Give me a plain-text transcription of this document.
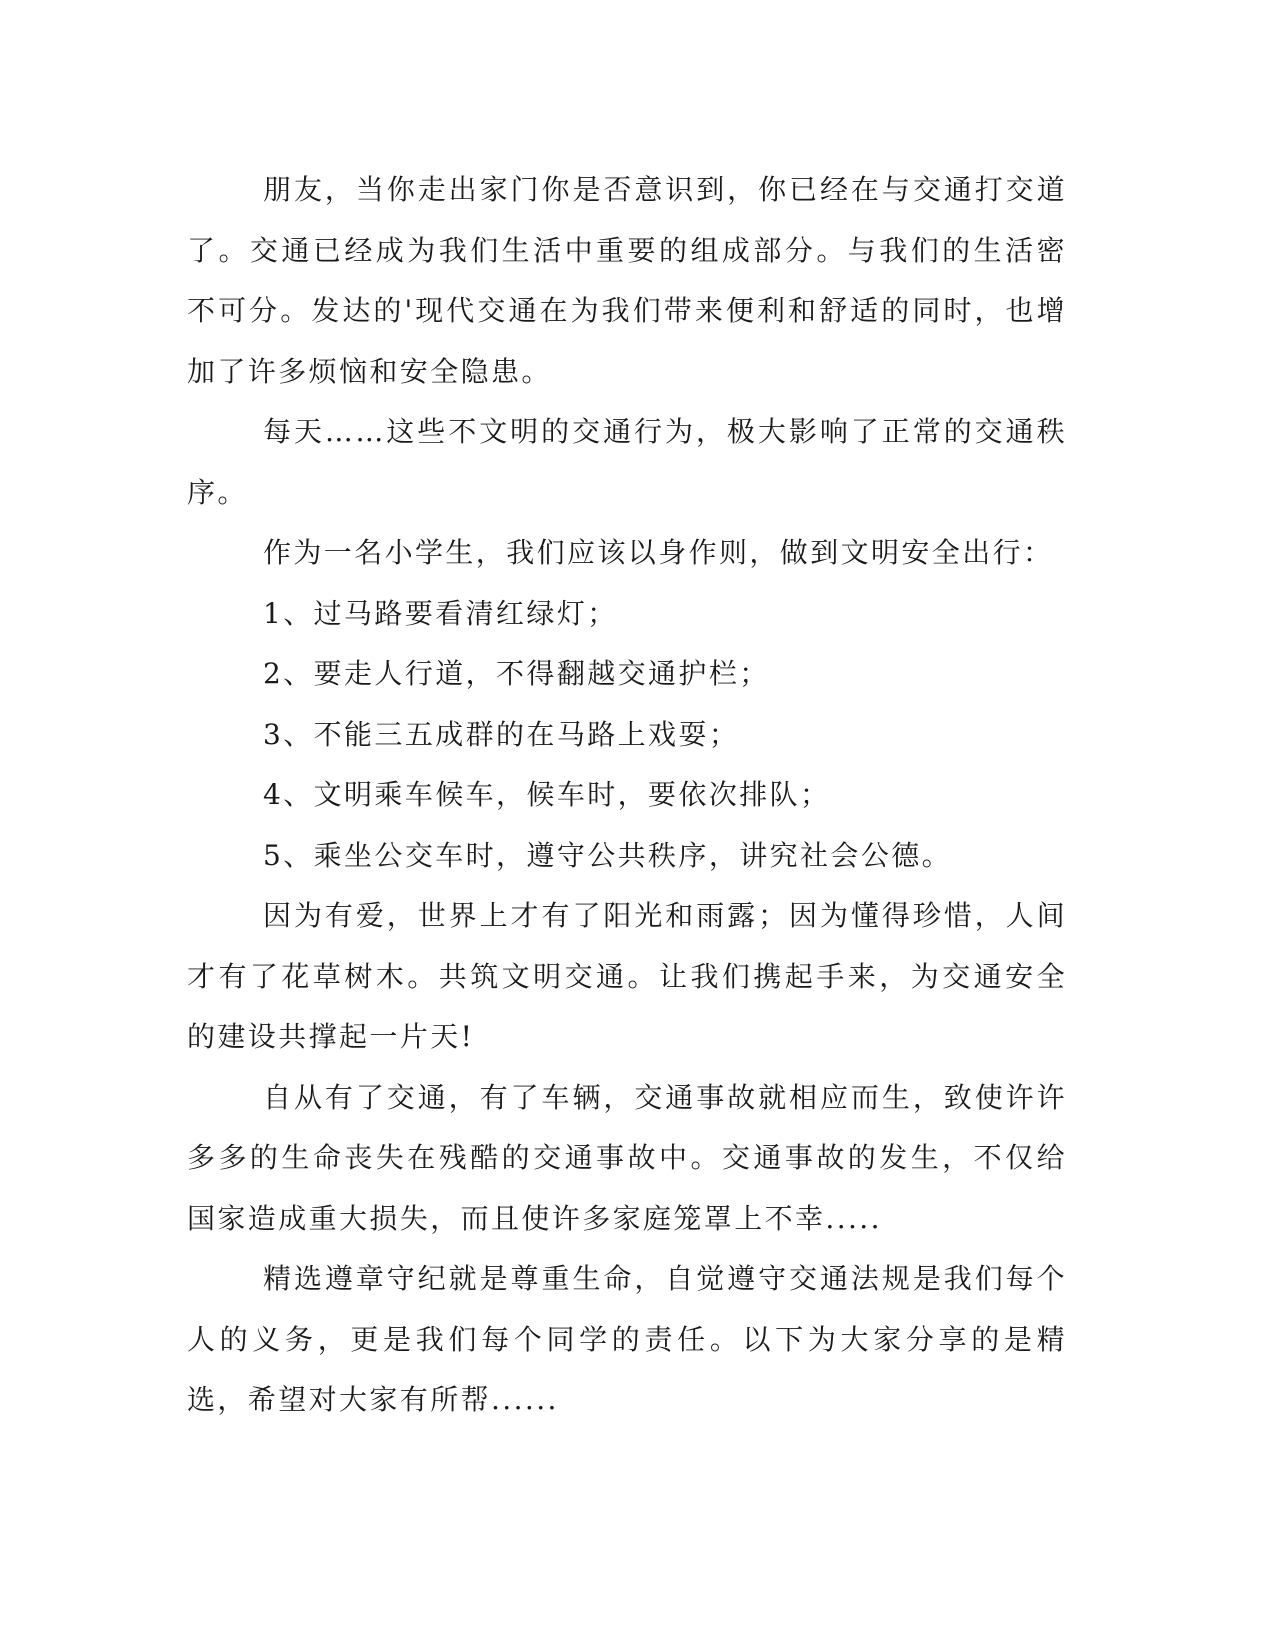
朋友，当你走出家门你是否意识到，你已经在与交通打交道了。交通已经成为我们生活中重要的组成部分。与我们的生活密不可分。发达的'现代交通在为我们带来便利和舒适的同时，也增加了许多烦恼和安全隐患。

每天……这些不文明的交通行为，极大影响了正常的交通秩序。

作为一名小学生，我们应该以身作则，做到文明安全出行：

1、过马路要看清红绿灯；

2、要走人行道，不得翻越交通护栏；

3、不能三五成群的在马路上戏耍；

4、文明乘车候车，候车时，要依次排队；

5、乘坐公交车时，遵守公共秩序，讲究社会公德。

因为有爱，世界上才有了阳光和雨露；因为懂得珍惜，人间才有了花草树木。共筑文明交通。让我们携起手来，为交通安全的建设共撑起一片天!

自从有了交通，有了车辆，交通事故就相应而生，致使许许多多的生命丧失在残酷的交通事故中。交通事故的发生，不仅给国家造成重大损失，而且使许多家庭笼罩上不幸.....

精选遵章守纪就是尊重生命，自觉遵守交通法规是我们每个人的义务，更是我们每个同学的责任。以下为大家分享的是精选，希望对大家有所帮......
